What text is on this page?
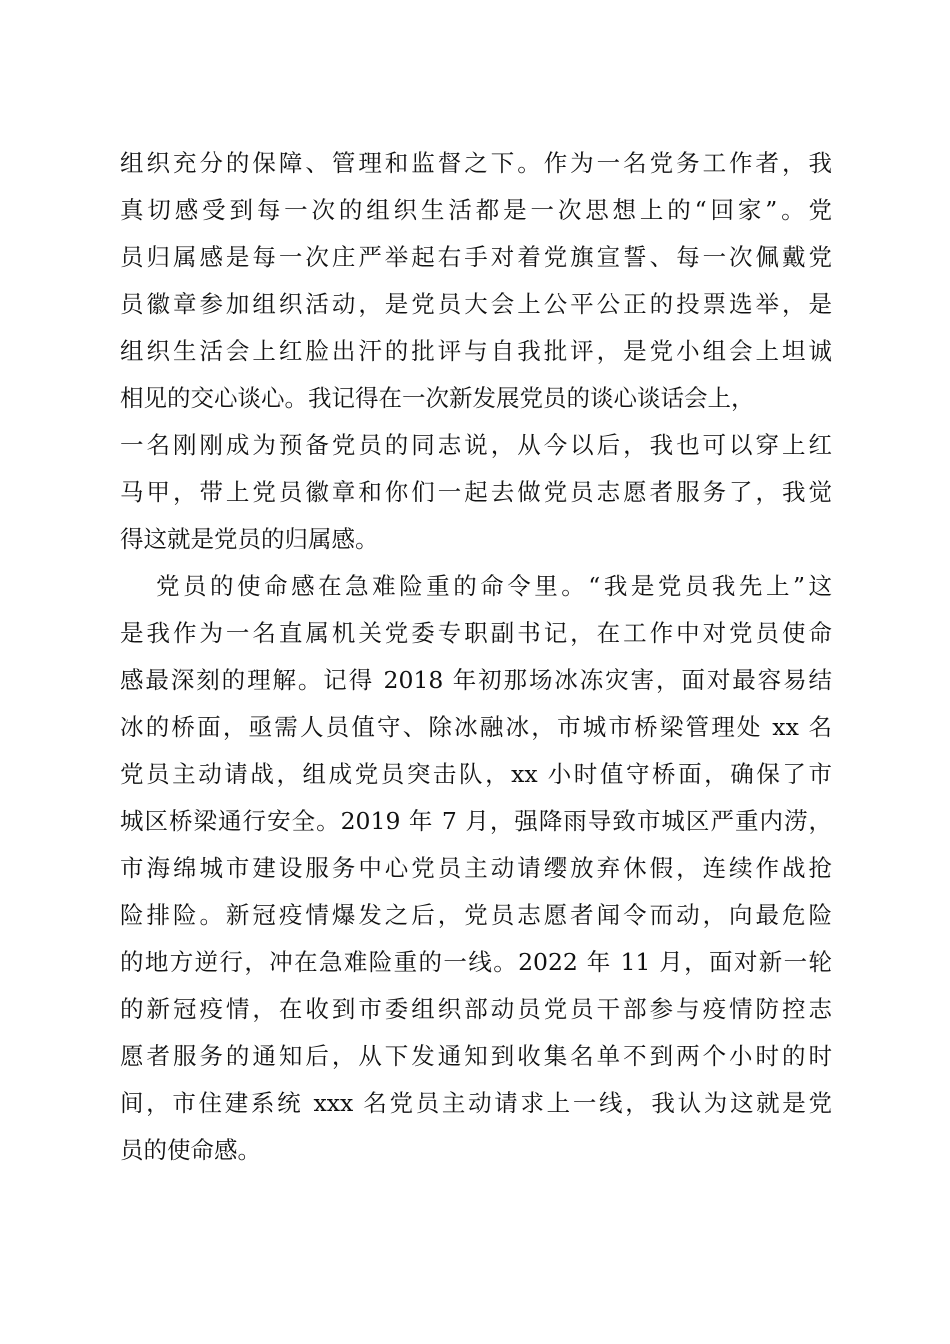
组织充分的保障、管理和监督之下。作为一名党务工作者，我
真切感受到每一次的组织生活都是一次思想上的“回家”。党
员归属感是每一次庄严举起右手对着党旗宣誓、每一次佩戴党
员徽章参加组织活动，是党员大会上公平公正的投票选举，是
组织生活会上红脸出汗的批评与自我批评，是党小组会上坦诚
相见的交心谈心。我记得在一次新发展党员的谈心谈话会上，
一名刚刚成为预备党员的同志说，从今以后，我也可以穿上红
马甲，带上党员徽章和你们一起去做党员志愿者服务了，我觉
得这就是党员的归属感。
党员的使命感在急难险重的命令里。“我是党员我先上”这
是我作为一名直属机关党委专职副书记，在工作中对党员使命
感最深刻的理解。记得 2018 年初那场冰冻灾害，面对最容易结
冰的桥面，亟需人员值守、除冰融冰，市城市桥梁管理处 xx 名
党员主动请战，组成党员突击队，xx 小时值守桥面，确保了市
城区桥梁通行安全。2019 年 7 月，强降雨导致市城区严重内涝，
市海绵城市建设服务中心党员主动请缨放弃休假，连续作战抢
险排险。新冠疫情爆发之后，党员志愿者闻令而动，向最危险
的地方逆行，冲在急难险重的一线。2022 年 11 月，面对新一轮
的新冠疫情，在收到市委组织部动员党员干部参与疫情防控志
愿者服务的通知后，从下发通知到收集名单不到两个小时的时
间，市住建系统 xxx 名党员主动请求上一线，我认为这就是党
员的使命感。
